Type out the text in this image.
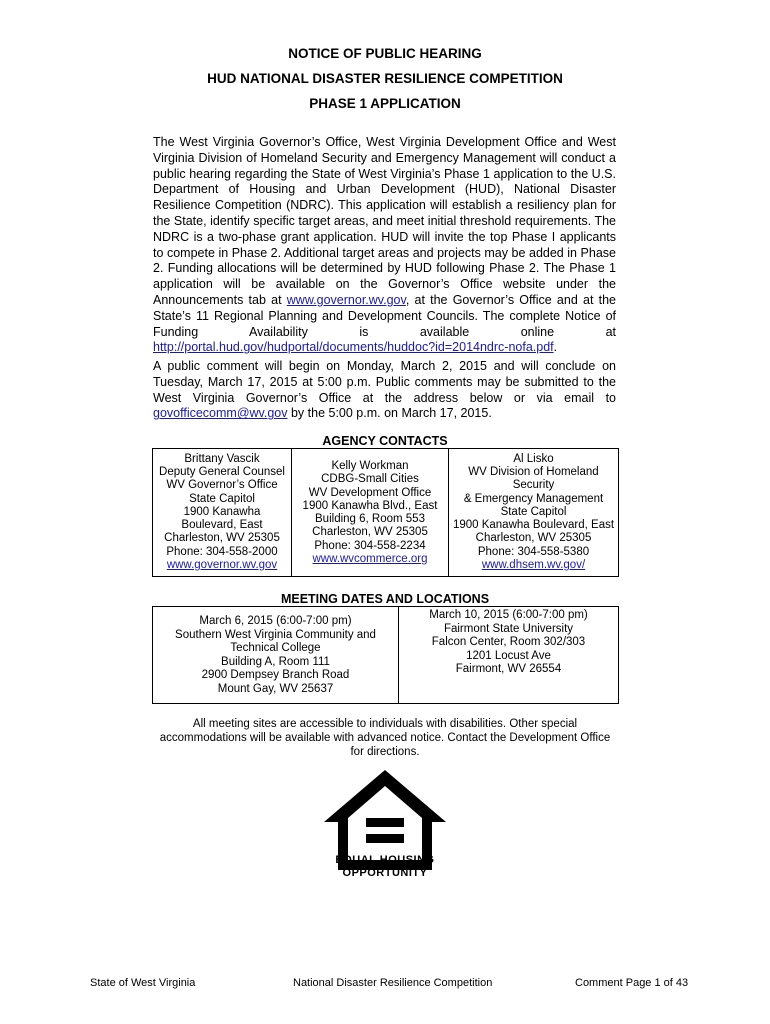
NOTICE OF PUBLIC HEARING
HUD NATIONAL DISASTER RESILIENCE COMPETITION
PHASE 1 APPLICATION

The West Virginia Governor’s Office, West Virginia Development Office and West Virginia Division of Homeland Security and Emergency Management will conduct a public hearing regarding the State of West Virginia’s Phase 1 application to the U.S. Department of Housing and Urban Development (HUD), National Disaster Resilience Competition (NDRC). This application will establish a resiliency plan for the State, identify specific target areas, and meet initial threshold requirements. The NDRC is a two-phase grant application. HUD will invite the top Phase I applicants to compete in Phase 2. Additional target areas and projects may be added in Phase 2. Funding allocations will be determined by HUD following Phase 2. The Phase 1 application will be available on the Governor’s Office website under the Announcements tab at www.governor.wv.gov, at the Governor’s Office and at the State’s 11 Regional Planning and Development Councils. The complete Notice of Funding Availability is available online at http://portal.hud.gov/hudportal/documents/huddoc?id=2014ndrc-nofa.pdf.

A public comment will begin on Monday, March 2, 2015 and will conclude on Tuesday, March 17, 2015 at 5:00 p.m. Public comments may be submitted to the West Virginia Governor’s Office at the address below or via email to govofficecomm@wv.gov by the 5:00 p.m. on March 17, 2015.

AGENCY CONTACTS
Brittany Vascik
Deputy General Counsel
WV Governor’s Office
State Capitol
1900 Kanawha
Boulevard, East
Charleston, WV 25305
Phone: 304-558-2000
www.governor.wv.gov

Kelly Workman
CDBG-Small Cities
WV Development Office
1900 Kanawha Blvd., East
Building 6, Room 553
Charleston, WV 25305
Phone: 304-558-2234
www.wvcommerce.org

Al Lisko
WV Division of Homeland
Security
& Emergency Management
State Capitol
1900 Kanawha Boulevard, East
Charleston, WV 25305
Phone: 304-558-5380
www.dhsem.wv.gov/
MEETING DATES AND LOCATIONS
March 6, 2015 (6:00-7:00 pm)
Southern West Virginia Community and
Technical College
Building A, Room 111
2900 Dempsey Branch Road
Mount Gay, WV 25637

March 10, 2015 (6:00-7:00 pm)
Fairmont State University
Falcon Center, Room 302/303
1201 Locust Ave
Fairmont, WV 26554
All meeting sites are accessible to individuals with disabilities. Other special
accommodations will be available with advanced notice. Contact the Development Office
for directions.
EQUAL HOUSING
OPPORTUNITY
State of West Virginia	National Disaster Resilience Competition	Comment Page 1 of 43
